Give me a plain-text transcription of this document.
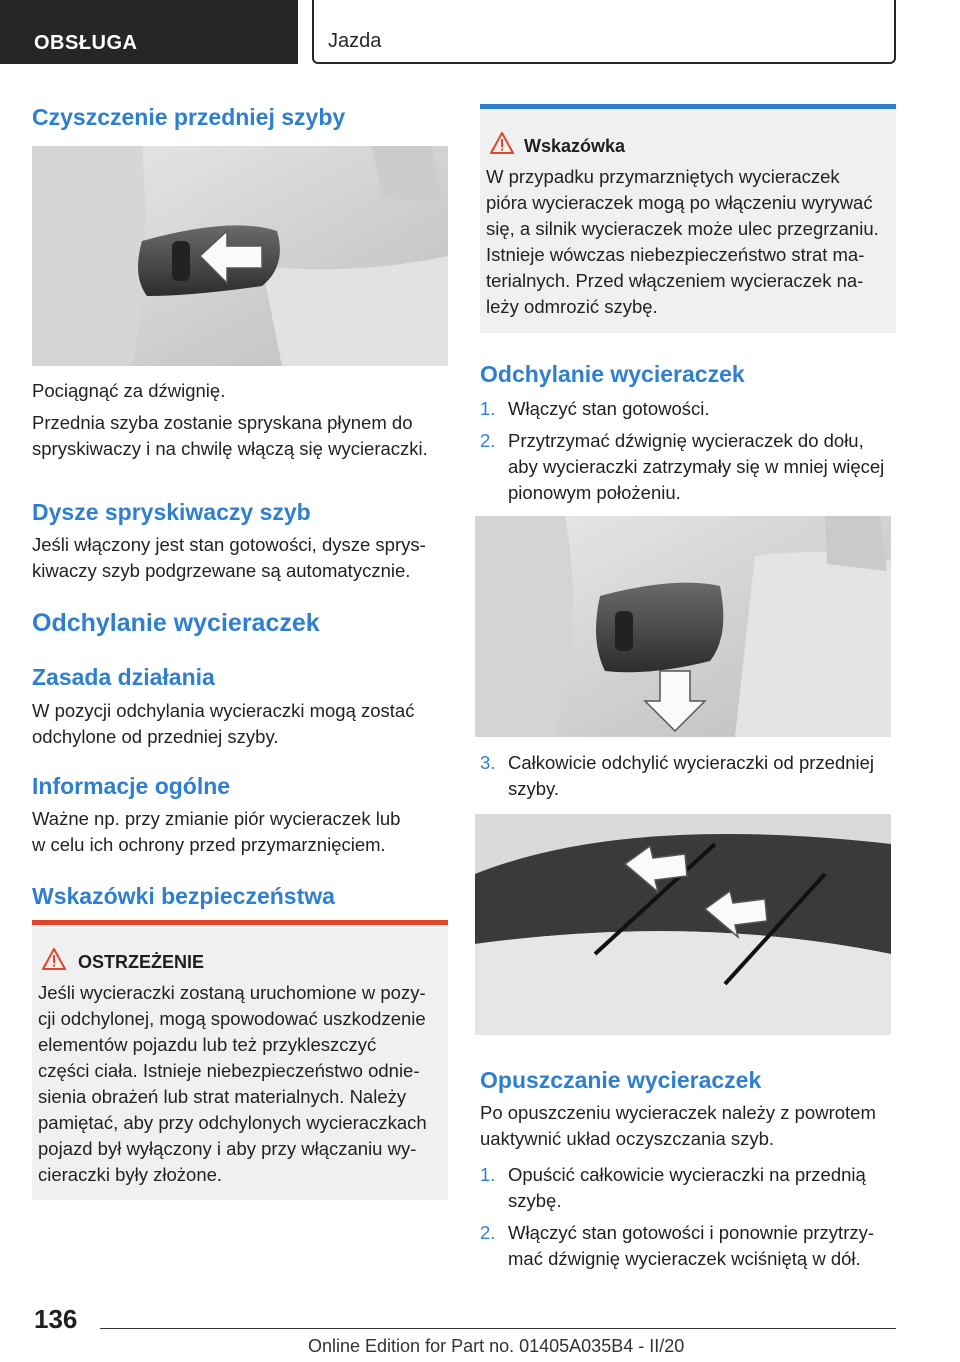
OBSŁUGA	Jazda
Czyszczenie przedniej szyby
Pociągnąć za dźwignię.
Przednia szyba zostanie spryskana płynem do
spryskiwaczy i na chwilę włączą się wycieraczki.
Dysze spryskiwaczy szyb
Jeśli włączony jest stan gotowości, dysze sprys‐
kiwaczy szyb podgrzewane są automatycznie.
Odchylanie wycieraczek
Zasada działania
W pozycji odchylania wycieraczki mogą zostać
odchylone od przedniej szyby.
Informacje ogólne
Ważne np. przy zmianie piór wycieraczek lub
w celu ich ochrony przed przymarznięciem.
Wskazówki bezpieczeństwa
OSTRZEŻENIE
Jeśli wycieraczki zostaną uruchomione w pozy‐
cji odchylonej, mogą spowodować uszkodzenie
elementów pojazdu lub też przykleszczyć
części ciała. Istnieje niebezpieczeństwo odnie‐
sienia obrażeń lub strat materialnych. Należy
pamiętać, aby przy odchylonych wycieraczkach
pojazd był wyłączony i aby przy włączaniu wy‐
cieraczki były złożone.
Wskazówka
W przypadku przymarzniętych wycieraczek
pióra wycieraczek mogą po włączeniu wyrywać
się, a silnik wycieraczek może ulec przegrzaniu.
Istnieje wówczas niebezpieczeństwo strat ma‐
terialnych. Przed włączeniem wycieraczek na‐
leży odmrozić szybę.
Odchylanie wycieraczek
1. Włączyć stan gotowości.
2. Przytrzymać dźwignię wycieraczek do dołu,
aby wycieraczki zatrzymały się w mniej więcej
pionowym położeniu.
3. Całkowicie odchylić wycieraczki od przedniej
szyby.
Opuszczanie wycieraczek
Po opuszczeniu wycieraczek należy z powrotem
uaktywnić układ oczyszczania szyb.
1. Opuścić całkowicie wycieraczki na przednią
szybę.
2. Włączyć stan gotowości i ponownie przytrzy‐
mać dźwignię wycieraczek wciśniętą w dół.
136
Online Edition for Part no. 01405A035B4 - II/20
